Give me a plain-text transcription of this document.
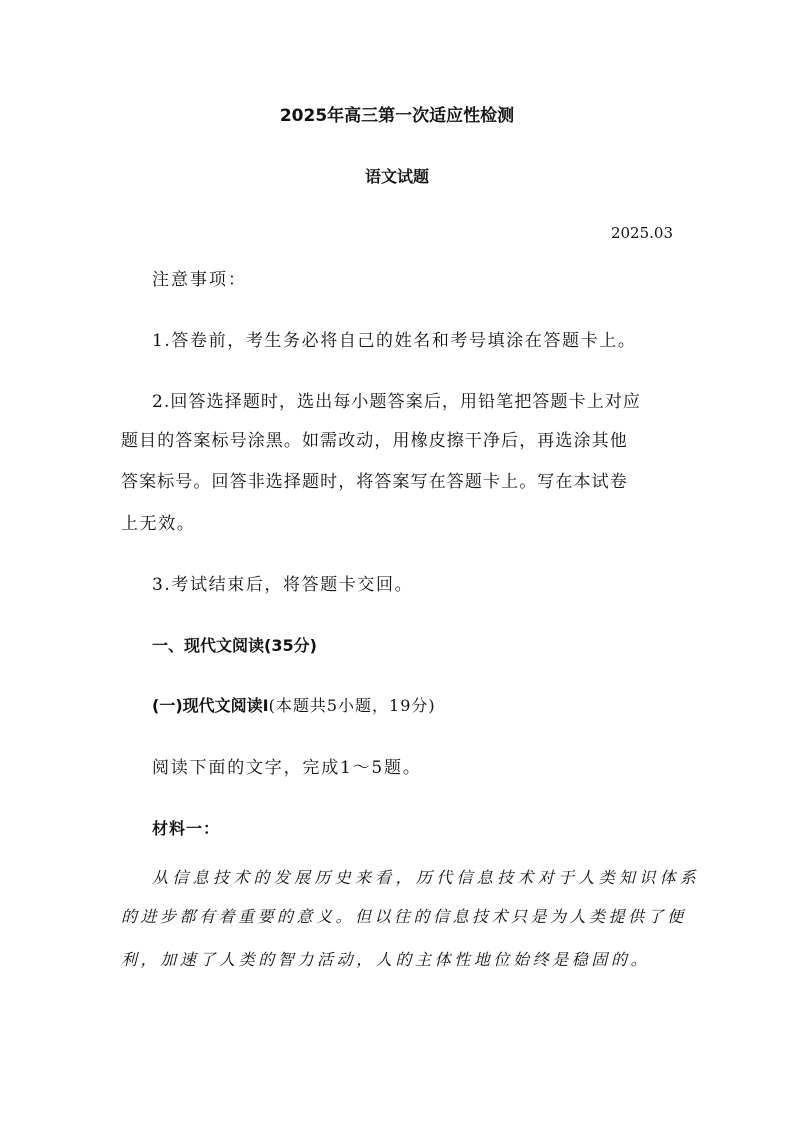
2025年高三第一次适应性检测
语文试题
2025.03
注意事项：
1.答卷前，考生务必将自己的姓名和考号填涂在答题卡上。
2.回答选择题时，选出每小题答案后，用铅笔把答题卡上对应
题目的答案标号涂黑。如需改动，用橡皮擦干净后，再选涂其他
答案标号。回答非选择题时，将答案写在答题卡上。写在本试卷
上无效。
3.考试结束后，将答题卡交回。
一、现代文阅读(35分)
(一)现代文阅读Ⅰ(本题共5小题，19分)
阅读下面的文字，完成1～5题。
材料一：
从信息技术的发展历史来看，历代信息技术对于人类知识体系
的进步都有着重要的意义。但以往的信息技术只是为人类提供了便
利，加速了人类的智力活动，人的主体性地位始终是稳固的。
